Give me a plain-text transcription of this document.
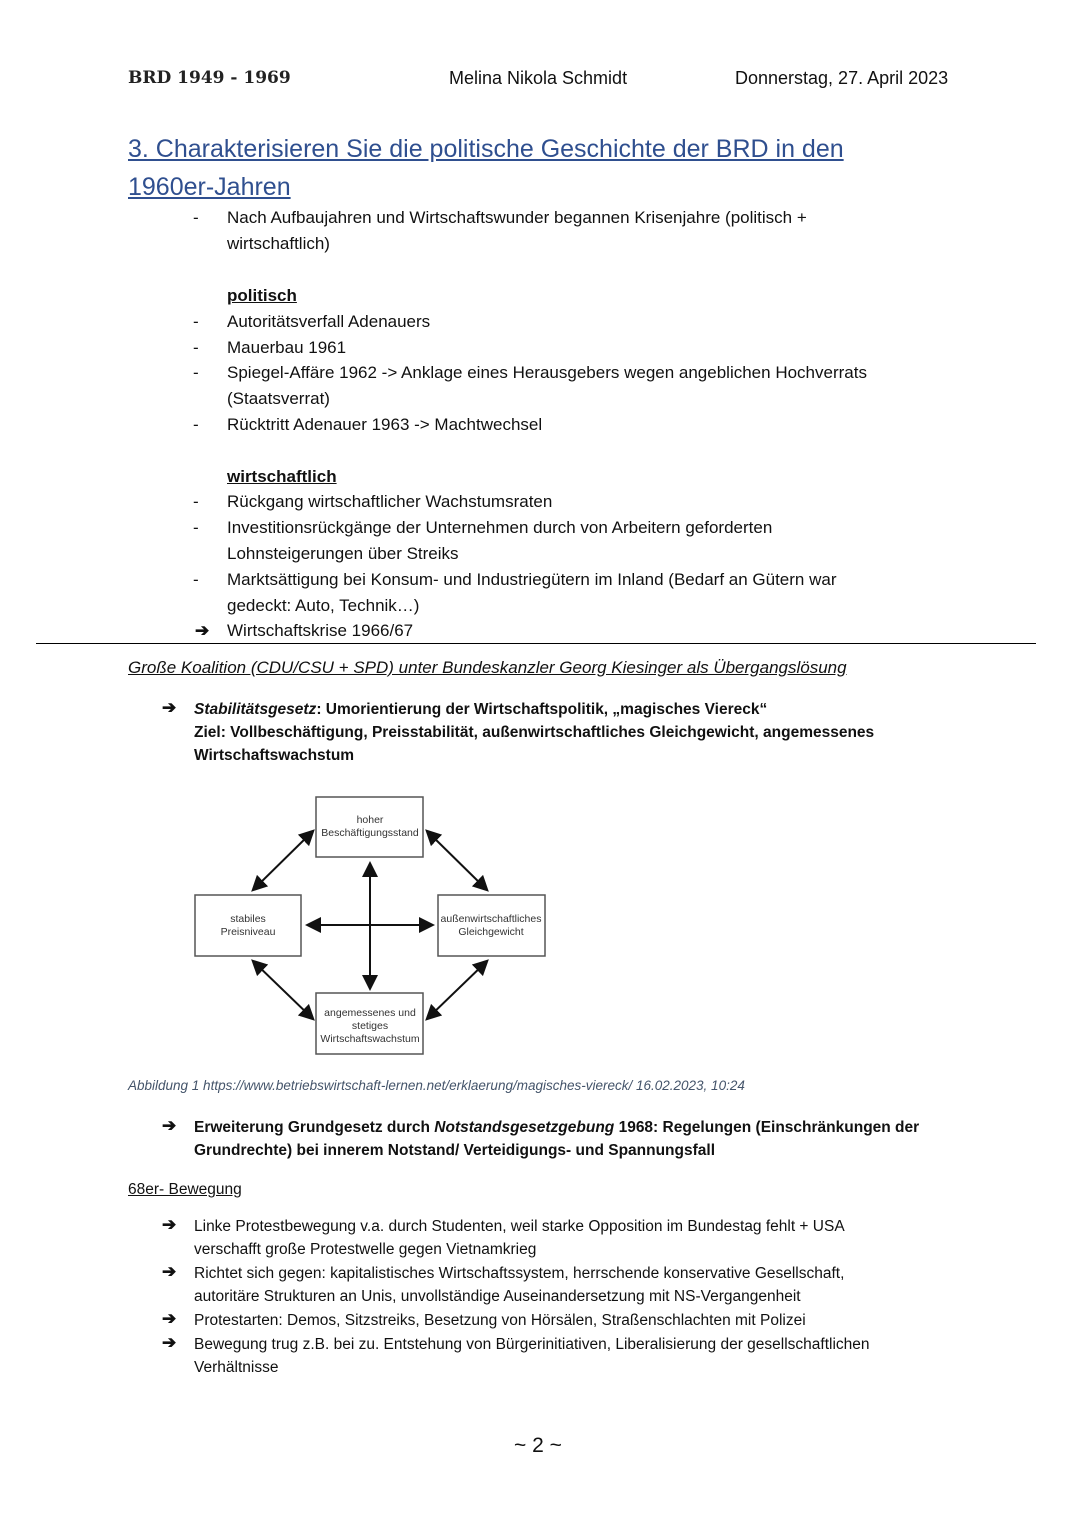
BRD 1949 - 1969	Melina Nikola Schmidt	Donnerstag, 27. April 2023
3. Charakterisieren Sie die politische Geschichte der BRD in den 1960er-Jahren
- Nach Aufbaujahren und Wirtschaftswunder begannen Krisenjahre (politisch +
wirtschaftlich)
politisch
- Autoritätsverfall Adenauers
- Mauerbau 1961
- Spiegel-Affäre 1962 -> Anklage eines Herausgebers wegen angeblichen Hochverrats
(Staatsverrat)
- Rücktritt Adenauer 1963 -> Machtwechsel
wirtschaftlich
- Rückgang wirtschaftlicher Wachstumsraten
- Investitionsrückgänge der Unternehmen durch von Arbeitern geforderten
Lohnsteigerungen über Streiks
- Marktsättigung bei Konsum- und Industriegütern im Inland (Bedarf an Gütern war
gedeckt: Auto, Technik…)
➔ Wirtschaftskrise 1966/67
Große Koalition (CDU/CSU + SPD) unter Bundeskanzler Georg Kiesinger als Übergangslösung
➔ Stabilitätsgesetz: Umorientierung der Wirtschaftspolitik, „magisches Viereck“
Ziel: Vollbeschäftigung, Preisstabilität, außenwirtschaftliches Gleichgewicht, angemessenes
Wirtschaftswachstum
hoher
Beschäftigungsstand
stabiles
Preisniveau
außenwirtschaftliches
Gleichgewicht
angemessenes und
stetiges
Wirtschaftswachstum
Abbildung 1 https://www.betriebswirtschaft-lernen.net/erklaerung/magisches-viereck/ 16.02.2023, 10:24
➔ Erweiterung Grundgesetz durch Notstandsgesetzgebung 1968: Regelungen (Einschränkungen der
Grundrechte) bei innerem Notstand/ Verteidigungs- und Spannungsfall
68er- Bewegung
➔ Linke Protestbewegung v.a. durch Studenten, weil starke Opposition im Bundestag fehlt + USA
verschafft große Protestwelle gegen Vietnamkrieg
➔ Richtet sich gegen: kapitalistisches Wirtschaftssystem, herrschende konservative Gesellschaft,
autoritäre Strukturen an Unis, unvollständige Auseinandersetzung mit NS-Vergangenheit
➔ Protestarten: Demos, Sitzstreiks, Besetzung von Hörsälen, Straßenschlachten mit Polizei
➔ Bewegung trug z.B. bei zu. Entstehung von Bürgerinitiativen, Liberalisierung der gesellschaftlichen
Verhältnisse
~ 2 ~
